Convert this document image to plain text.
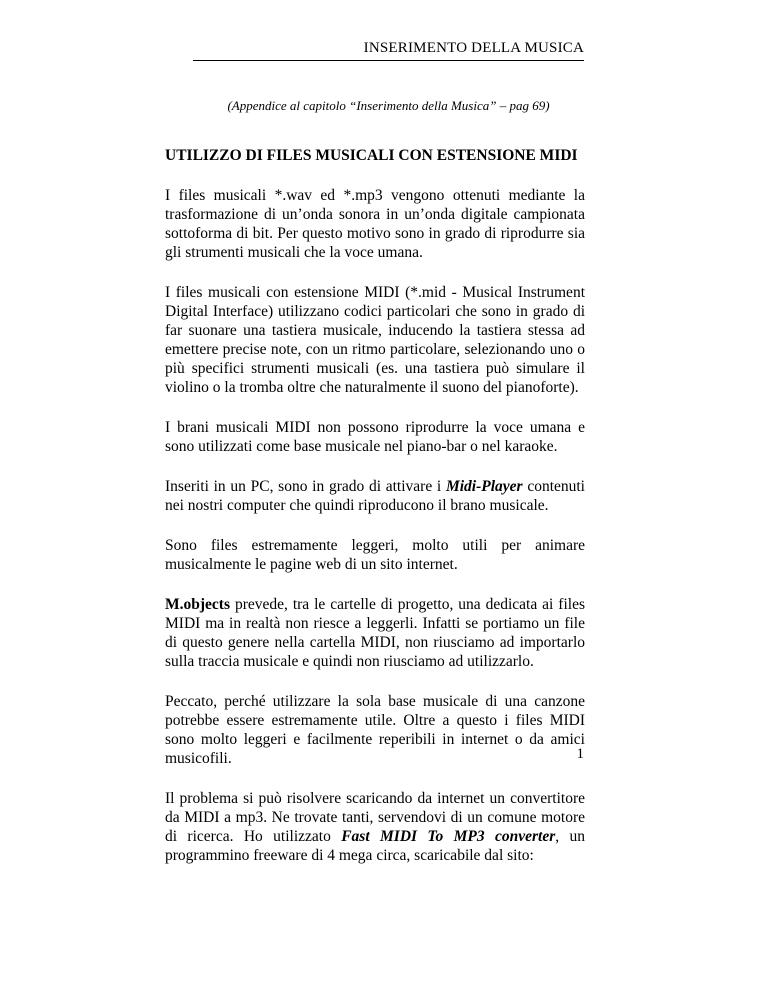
INSERIMENTO DELLA MUSICA
(Appendice al capitolo “Inserimento della Musica” – pag 69)
UTILIZZO DI FILES MUSICALI CON ESTENSIONE MIDI

I files musicali *.wav ed *.mp3 vengono ottenuti mediante la trasformazione di un’onda sonora in un’onda digitale campionata sottoforma di bit. Per questo motivo sono in grado di riprodurre sia gli strumenti musicali che la voce umana.

I files musicali con estensione MIDI (*.mid - Musical Instrument Digital Interface) utilizzano codici particolari che sono in grado di far suonare una tastiera musicale, inducendo la tastiera stessa ad emettere precise note, con un ritmo particolare, selezionando uno o più specifici strumenti musicali (es. una tastiera può simulare il violino o la tromba oltre che naturalmente il suono del pianoforte).

I brani musicali MIDI non possono riprodurre la voce umana e sono utilizzati come base musicale nel piano-bar o nel karaoke.

Inseriti in un PC, sono in grado di attivare i Midi-Player contenuti nei nostri computer che quindi riproducono il brano musicale.

Sono files estremamente leggeri, molto utili per animare musicalmente le pagine web di un sito internet.

M.objects prevede, tra le cartelle di progetto, una dedicata ai files MIDI ma in realtà non riesce a leggerli. Infatti se portiamo un file di questo genere nella cartella MIDI, non riusciamo ad importarlo sulla traccia musicale e quindi non riusciamo ad utilizzarlo.

Peccato, perché utilizzare la sola base musicale di una canzone potrebbe essere estremamente utile. Oltre a questo i files MIDI sono molto leggeri e facilmente reperibili in internet o da amici musicofili.

Il problema si può risolvere scaricando da internet un convertitore da MIDI a mp3. Ne trovate tanti, servendovi di un comune motore di ricerca. Ho utilizzato Fast MIDI To MP3 converter, un programmino freeware di 4 mega circa, scaricabile dal sito:

1
